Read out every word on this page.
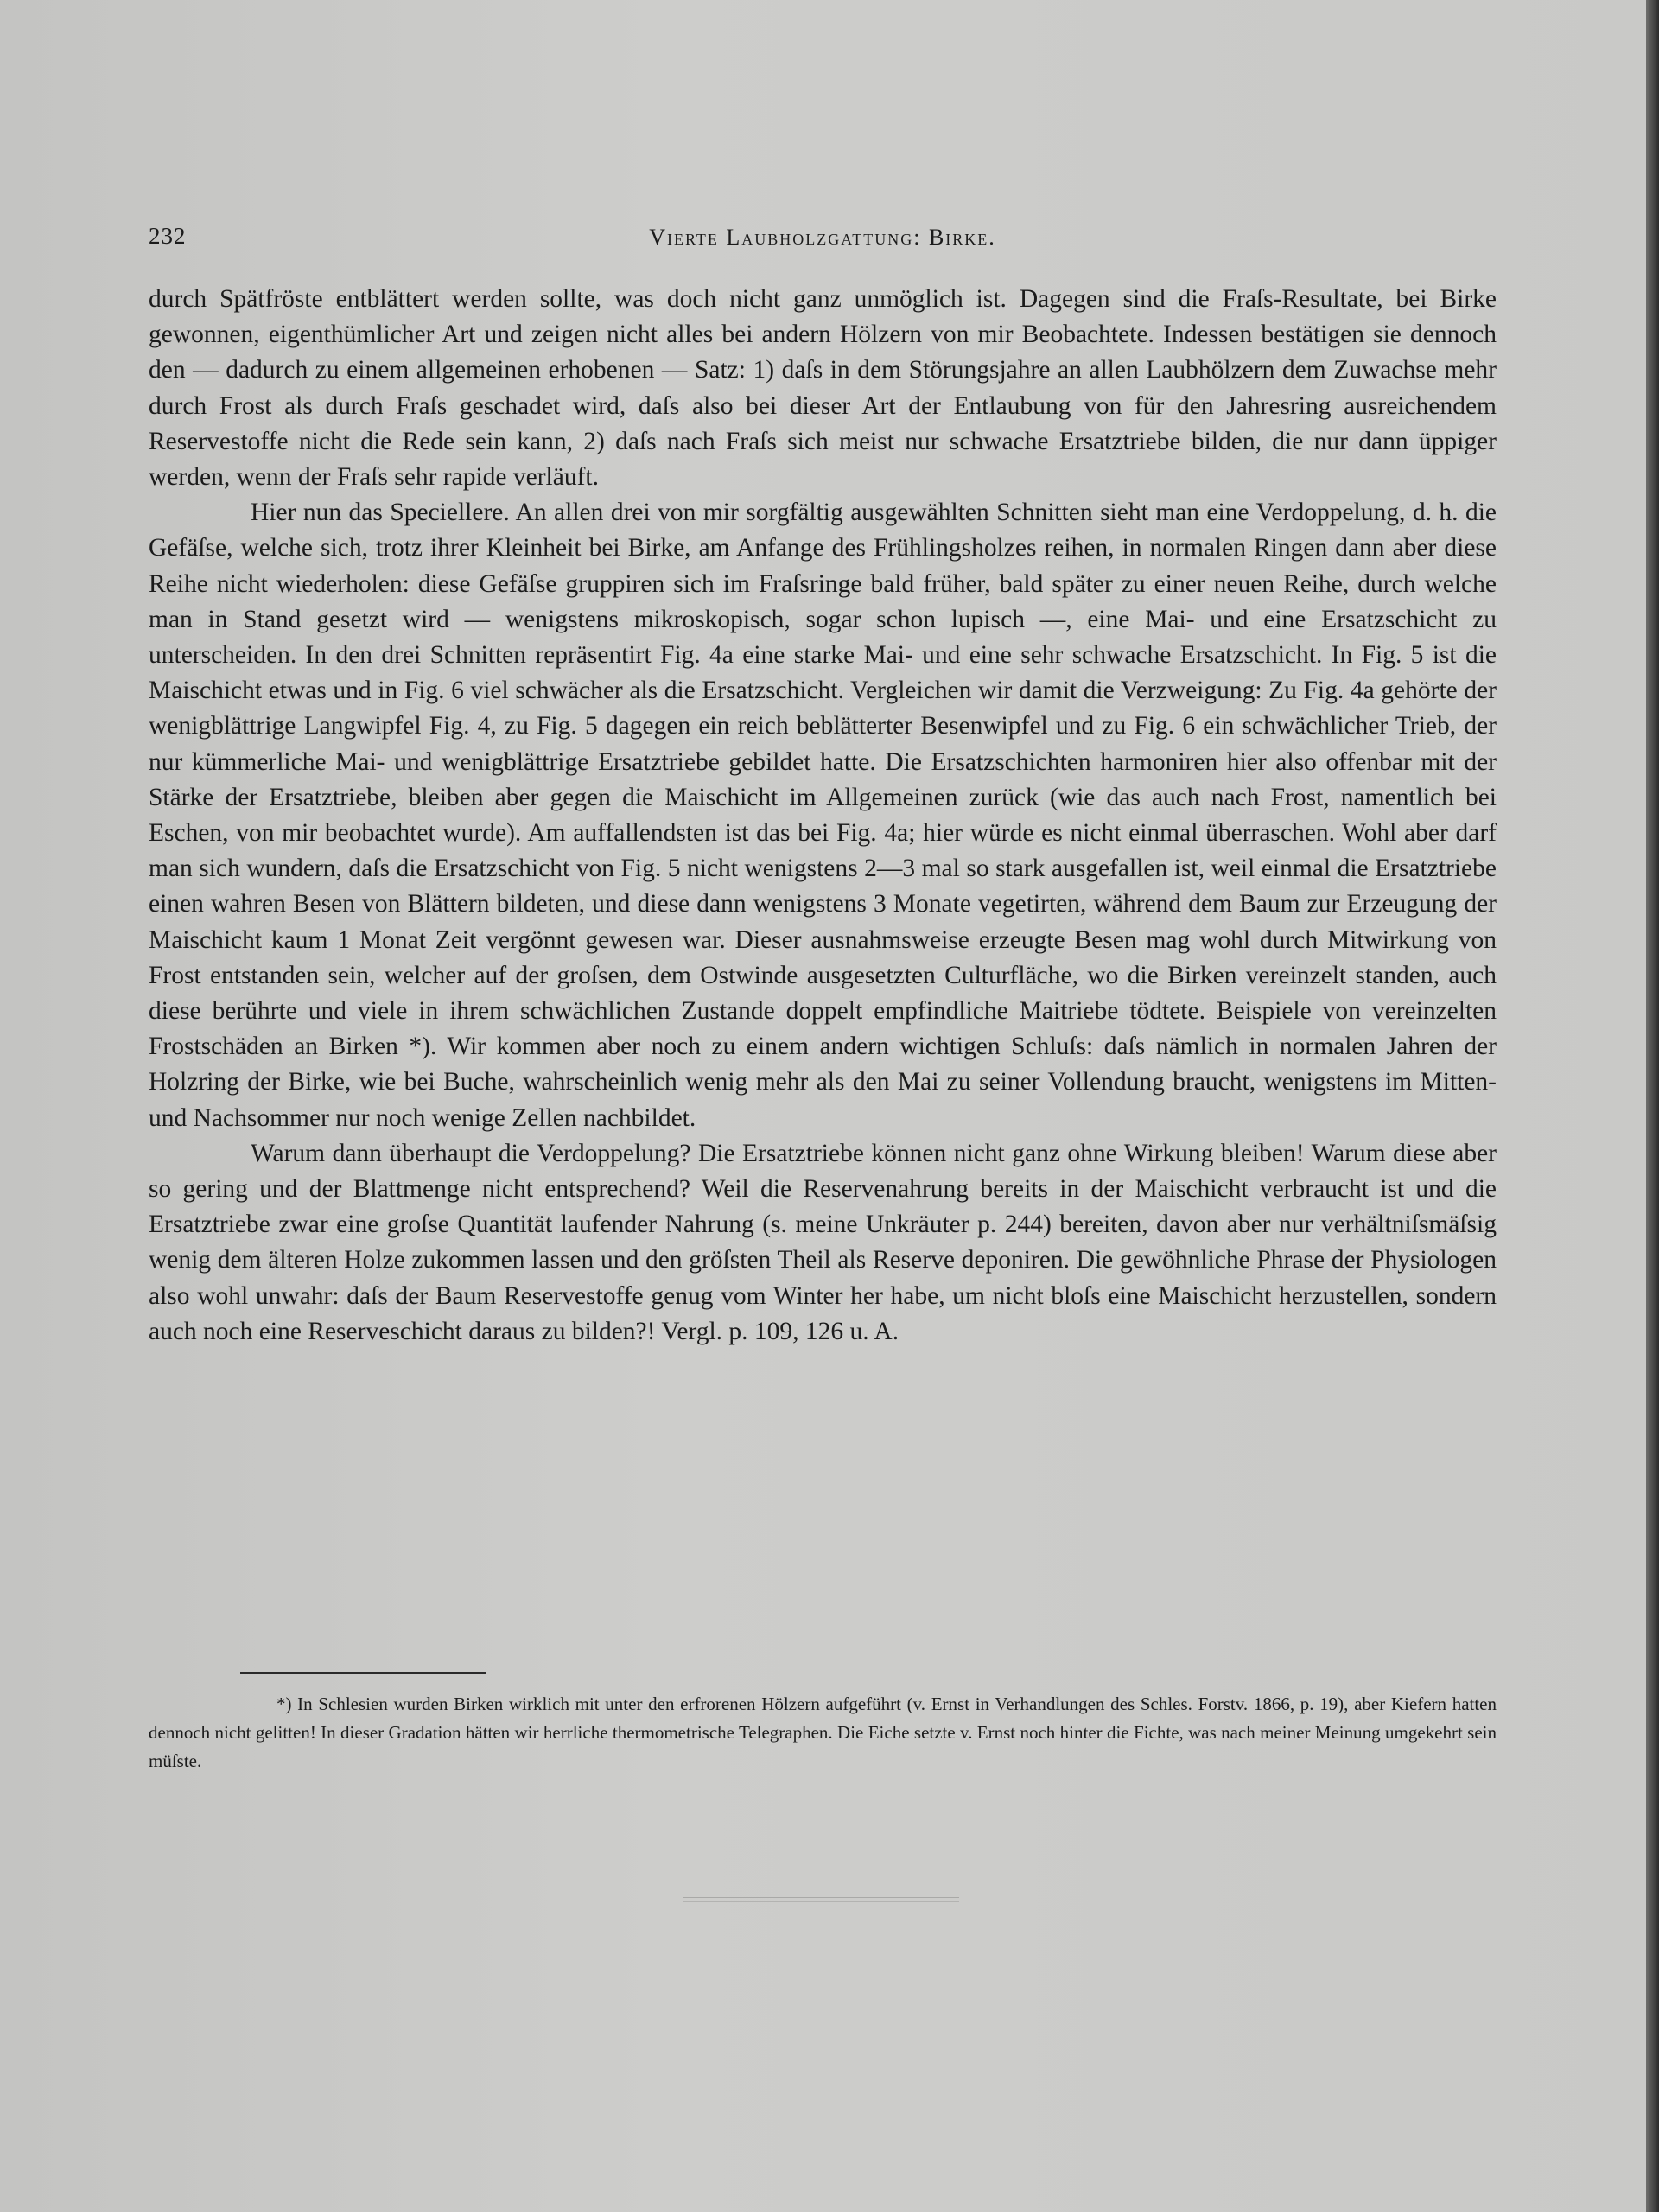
232	Vierte Laubholzgattung: Birke.

durch Spätfröste entblättert werden sollte, was doch nicht ganz unmöglich ist. Dagegen sind die Fraſs-Resultate, bei Birke gewonnen, eigenthümlicher Art und zeigen nicht alles bei andern Hölzern von mir Beobachtete. Indessen bestätigen sie dennoch den — dadurch zu einem allgemeinen erhobenen — Satz: 1) daſs in dem Störungsjahre an allen Laubhölzern dem Zuwachse mehr durch Frost als durch Fraſs geschadet wird, daſs also bei dieser Art der Entlaubung von für den Jahresring ausreichendem Reservestoffe nicht die Rede sein kann, 2) daſs nach Fraſs sich meist nur schwache Ersatztriebe bilden, die nur dann üppiger werden, wenn der Fraſs sehr rapide verläuft.

Hier nun das Speciellere. An allen drei von mir sorgfältig ausgewählten Schnitten sieht man eine Verdoppelung, d. h. die Gefäſse, welche sich, trotz ihrer Kleinheit bei Birke, am Anfange des Frühlingsholzes reihen, in normalen Ringen dann aber diese Reihe nicht wiederholen: diese Gefäſse gruppiren sich im Fraſsringe bald früher, bald später zu einer neuen Reihe, durch welche man in Stand gesetzt wird — wenigstens mikroskopisch, sogar schon lupisch —, eine Mai- und eine Ersatzschicht zu unterscheiden. In den drei Schnitten repräsentirt Fig. 4a eine starke Mai- und eine sehr schwache Ersatzschicht. In Fig. 5 ist die Maischicht etwas und in Fig. 6 viel schwächer als die Ersatzschicht. Vergleichen wir damit die Verzweigung: Zu Fig. 4a gehörte der wenigblättrige Langwipfel Fig. 4, zu Fig. 5 dagegen ein reich beblätterter Besenwipfel und zu Fig. 6 ein schwächlicher Trieb, der nur kümmerliche Mai- und wenigblättrige Ersatztriebe gebildet hatte. Die Ersatzschichten harmoniren hier also offenbar mit der Stärke der Ersatztriebe, bleiben aber gegen die Maischicht im Allgemeinen zurück (wie das auch nach Frost, namentlich bei Eschen, von mir beobachtet wurde). Am auffallendsten ist das bei Fig. 4a; hier würde es nicht einmal überraschen. Wohl aber darf man sich wundern, daſs die Ersatzschicht von Fig. 5 nicht wenigstens 2—3 mal so stark ausgefallen ist, weil einmal die Ersatztriebe einen wahren Besen von Blättern bildeten, und diese dann wenigstens 3 Monate vegetirten, während dem Baum zur Erzeugung der Maischicht kaum 1 Monat Zeit vergönnt gewesen war. Dieser ausnahmsweise erzeugte Besen mag wohl durch Mitwirkung von Frost entstanden sein, welcher auf der groſsen, dem Ostwinde ausgesetzten Culturfläche, wo die Birken vereinzelt standen, auch diese berührte und viele in ihrem schwächlichen Zustande doppelt empfindliche Maitriebe tödtete. Beispiele von vereinzelten Frostschäden an Birken *). Wir kommen aber noch zu einem andern wichtigen Schluſs: daſs nämlich in normalen Jahren der Holzring der Birke, wie bei Buche, wahrscheinlich wenig mehr als den Mai zu seiner Vollendung braucht, wenigstens im Mitten- und Nachsommer nur noch wenige Zellen nachbildet.

Warum dann überhaupt die Verdoppelung? Die Ersatztriebe können nicht ganz ohne Wirkung bleiben! Warum diese aber so gering und der Blattmenge nicht entsprechend? Weil die Reservenahrung bereits in der Maischicht verbraucht ist und die Ersatztriebe zwar eine groſse Quantität laufender Nahrung (s. meine Unkräuter p. 244) bereiten, davon aber nur verhältniſsmäſsig wenig dem älteren Holze zukommen lassen und den gröſsten Theil als Reserve deponiren. Die gewöhnliche Phrase der Physiologen also wohl unwahr: daſs der Baum Reservestoffe genug vom Winter her habe, um nicht bloſs eine Maischicht herzustellen, sondern auch noch eine Reserveschicht daraus zu bilden?! Vergl. p. 109, 126 u. A.

*) In Schlesien wurden Birken wirklich mit unter den erfrorenen Hölzern aufgeführt (v. Ernst in Verhandlungen des Schles. Forstv. 1866, p. 19), aber Kiefern hatten dennoch nicht gelitten! In dieser Gradation hätten wir herrliche thermometrische Telegraphen. Die Eiche setzte v. Ernst noch hinter die Fichte, was nach meiner Meinung umgekehrt sein müſste.
